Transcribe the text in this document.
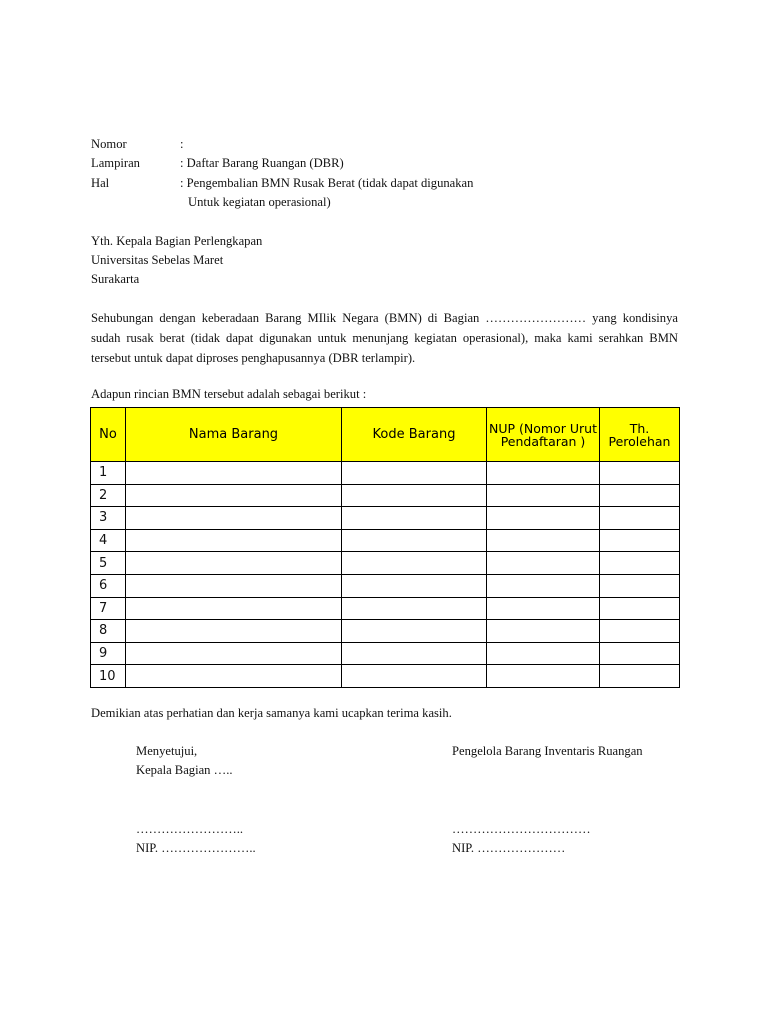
Nomor	:
Lampiran	: Daftar Barang Ruangan (DBR)
Hal	: Pengembalian BMN Rusak Berat (tidak dapat digunakan
Untuk kegiatan operasional)
Yth. Kepala Bagian Perlengkapan
Universitas Sebelas Maret
Surakarta
Sehubungan dengan keberadaan Barang MIlik Negara (BMN) di Bagian …………………… yang kondisinya sudah rusak berat (tidak dapat digunakan untuk menunjang kegiatan operasional), maka kami serahkan BMN tersebut untuk dapat diproses penghapusannya (DBR terlampir).
Adapun rincian BMN tersebut adalah sebagai berikut :
No	Nama Barang	Kode Barang	NUP (Nomor Urut Pendaftaran )	Th. Perolehan
1				
2				
3				
4				
5				
6				
7				
8				
9				
10				
Demikian atas perhatian dan kerja samanya kami ucapkan terima kasih.
Menyetujui,
Kepala Bagian …..
……………………..
NIP. …………………..
Pengelola Barang Inventaris Ruangan
……………………………
NIP. …………………
